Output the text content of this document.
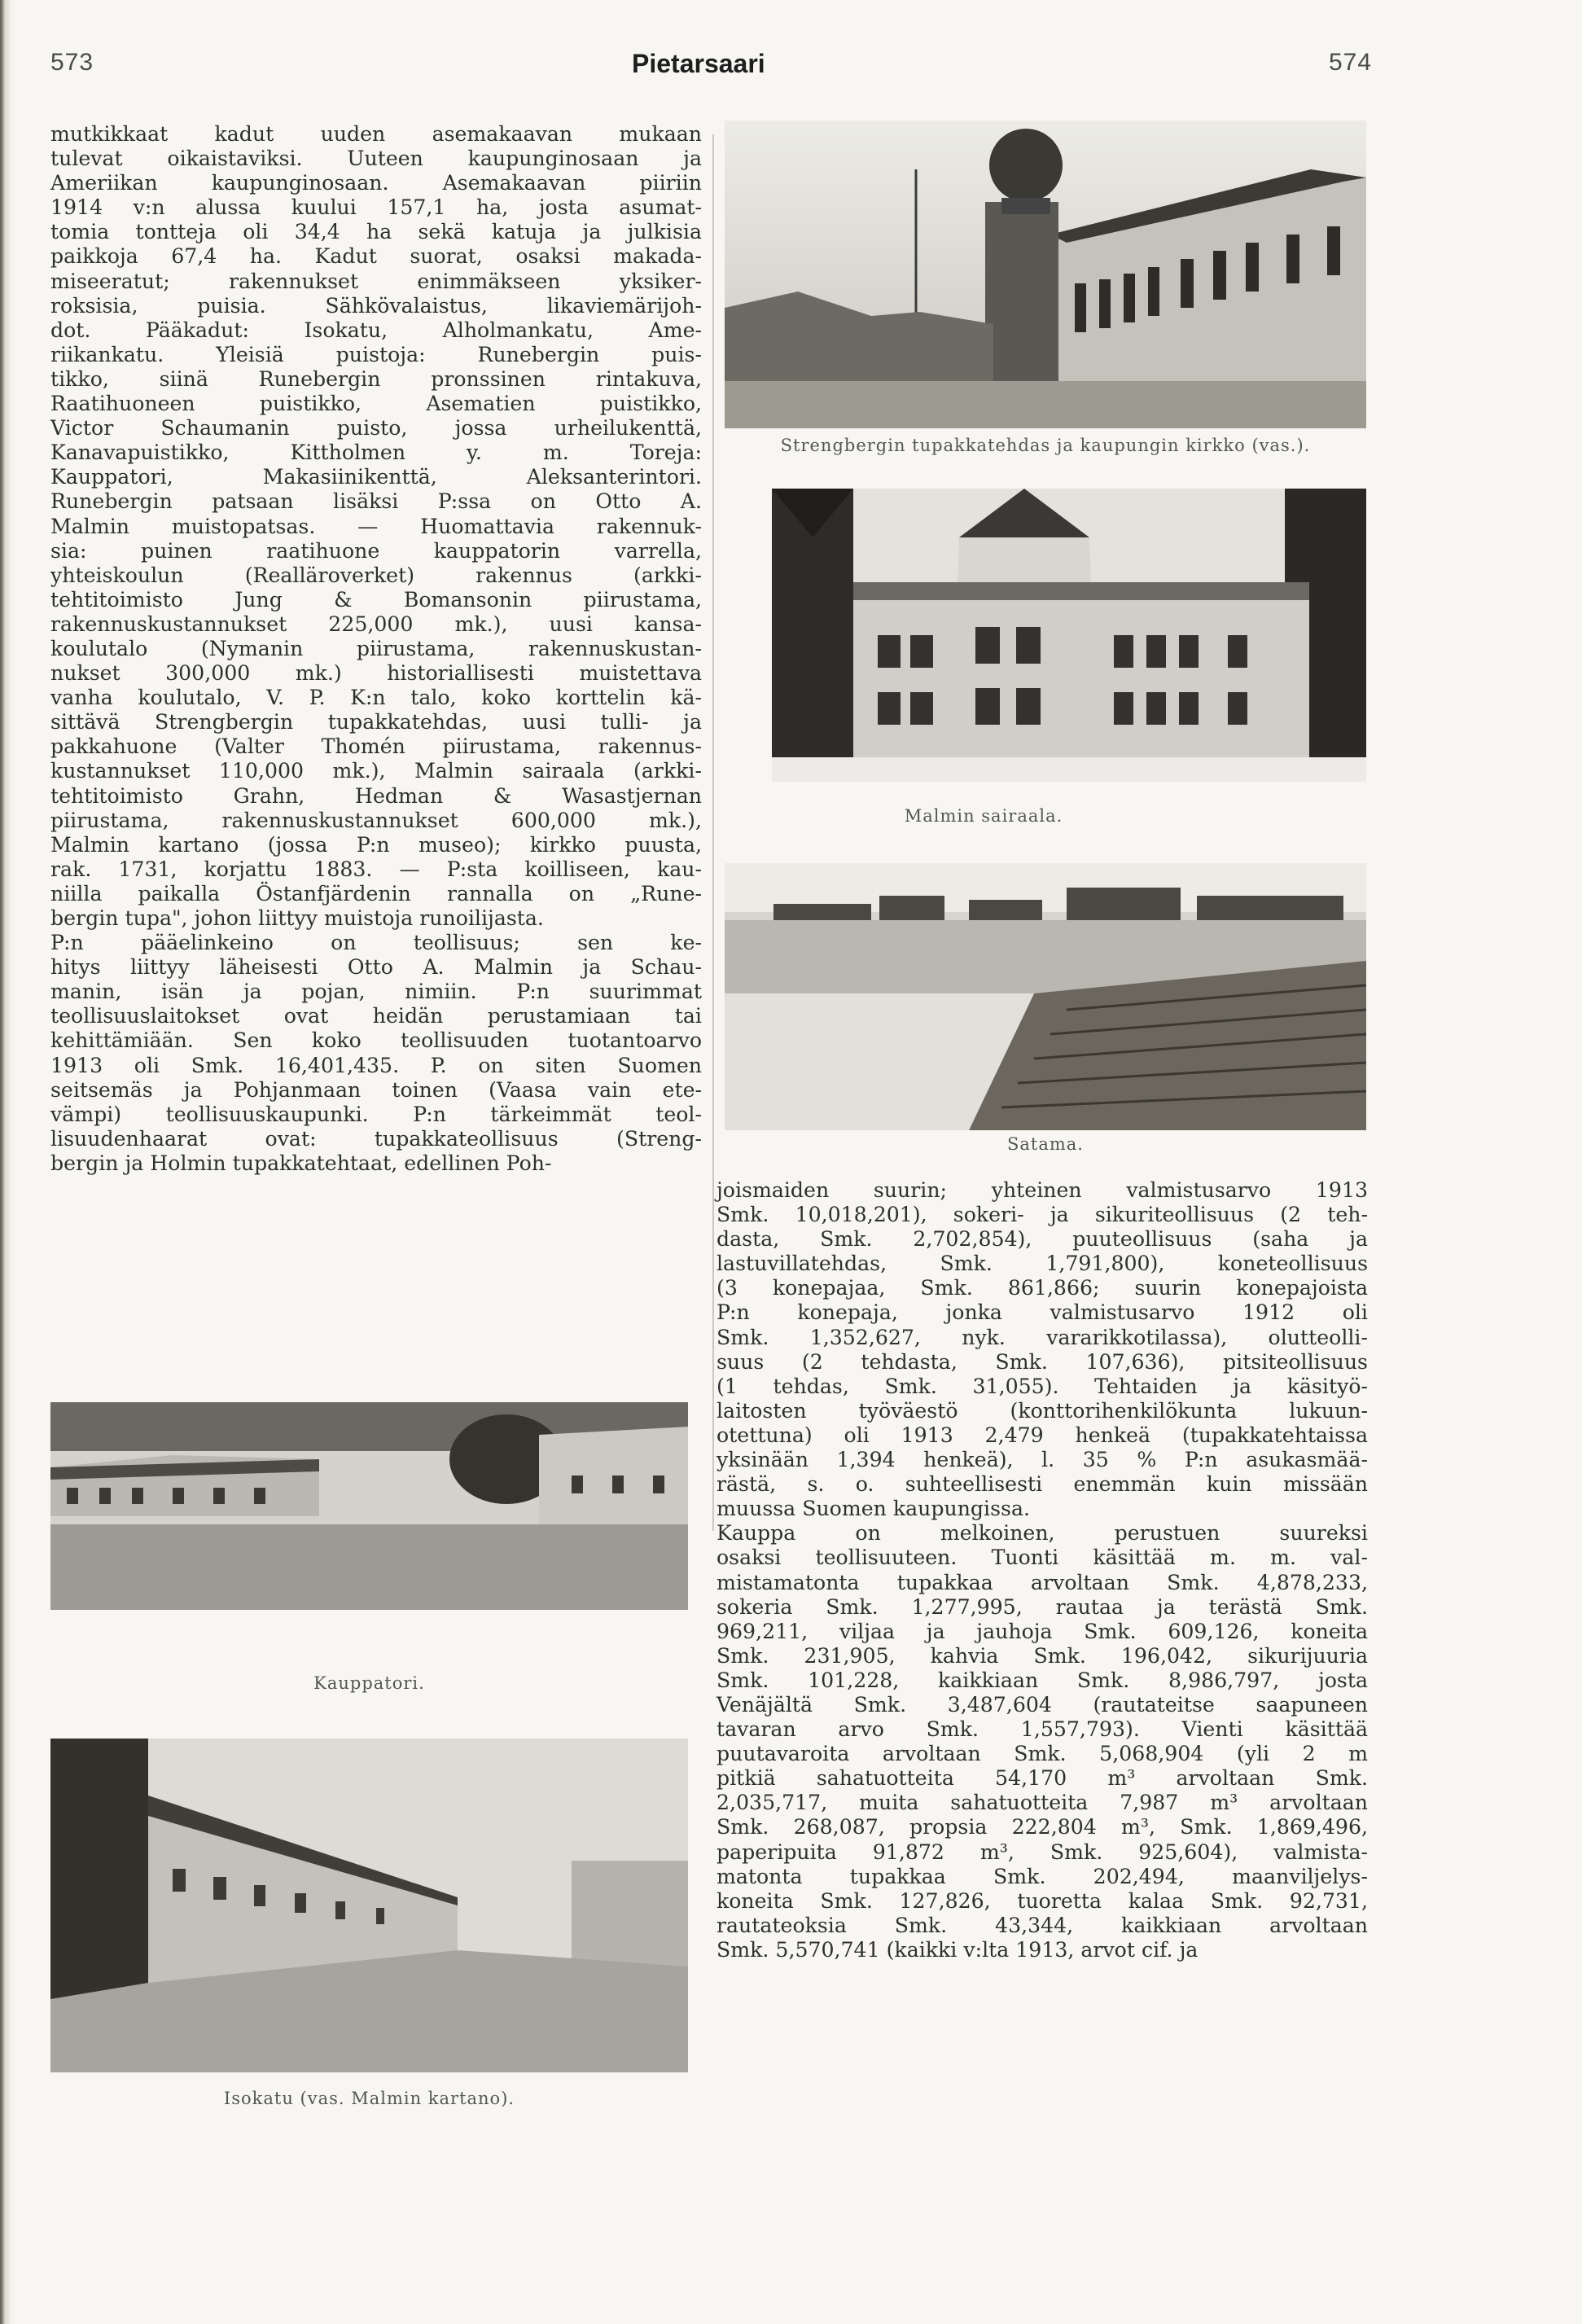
573	Pietarsaari	574
mutkikkaat kadut uuden asemakaavan mukaan
tulevat oikaistaviksi. Uuteen kaupunginosaan ja
Ameriikan kaupunginosaan. Asemakaavan piiriin
1914 v:n alussa kuului 157,1 ha, josta asumat-
tomia tontteja oli 34,4 ha sekä katuja ja julkisia
paikkoja 67,4 ha. Kadut suorat, osaksi makada-
miseeratut; rakennukset enimmäkseen yksiker-
roksisia, puisia. Sähkövalaistus, likaviemärijoh-
dot. Pääkadut: Isokatu, Alholmankatu, Ame-
riikankatu. Yleisiä puistoja: Runebergin puis-
tikko, siinä Runebergin pronssinen rintakuva,
Raatihuoneen puistikko, Asematien puistikko,
Victor Schaumanin puisto, jossa urheilukenttä,
Kanavapuistikko, Kittholmen y. m. Toreja:
Kauppatori, Makasiinikenttä, Aleksanterintori.
Runebergin patsaan lisäksi P:ssa on Otto A.
Malmin muistopatsas. — Huomattavia rakennuk-
sia: puinen raatihuone kauppatorin varrella,
yhteiskoulun (Realläroverket) rakennus (arkki-
tehtitoimisto Jung & Bomansonin piirustama,
rakennuskustannukset 225,000 mk.), uusi kansa-
koulutalo (Nymanin piirustama, rakennuskustan-
nukset 300,000 mk.) historiallisesti muistettava
vanha koulutalo, V. P. K:n talo, koko korttelin kä-
sittävä Strengbergin tupakkatehdas, uusi tulli- ja
pakkahuone (Valter Thomén piirustama, rakennus-
kustannukset 110,000 mk.), Malmin sairaala (arkki-
tehtitoimisto Grahn, Hedman & Wasastjernan
piirustama, rakennuskustannukset 600,000 mk.),
Malmin kartano (jossa P:n museo); kirkko puusta,
rak. 1731, korjattu 1883. — P:sta koilliseen, kau-
niilla paikalla Östanfjärdenin rannalla on „Rune-
bergin tupa", johon liittyy muistoja runoilijasta.
P:n pääelinkeino on teollisuus; sen ke-
hitys liittyy läheisesti Otto A. Malmin ja Schau-
manin, isän ja pojan, nimiin. P:n suurimmat
teollisuuslaitokset ovat heidän perustamiaan tai
kehittämiään. Sen koko teollisuuden tuotantoarvo
1913 oli Smk. 16,401,435. P. on siten Suomen
seitsemäs ja Pohjanmaan toinen (Vaasa vain ete-
vämpi) teollisuuskaupunki. P:n tärkeimmät teol-
lisuudenhaarat ovat: tupakkateollisuus (Streng-
bergin ja Holmin tupakkatehtaat, edellinen Poh-
Strengbergin tupakkatehdas ja kaupungin kirkko (vas.).
Malmin sairaala.
Satama.
joismaiden suurin; yhteinen valmistusarvo 1913
Smk. 10,018,201), sokeri- ja sikuriteollisuus (2 teh-
dasta, Smk. 2,702,854), puuteollisuus (saha ja
lastuvillatehdas, Smk. 1,791,800), koneteollisuus
(3 konepajaa, Smk. 861,866; suurin konepajoista
P:n konepaja, jonka valmistusarvo 1912 oli
Smk. 1,352,627, nyk. vararikkotilassa), olutteolli-
suus (2 tehdasta, Smk. 107,636), pitsiteollisuus
(1 tehdas, Smk. 31,055). Tehtaiden ja käsityö-
laitosten työväestö (konttorihenkilökunta lukuun-
otettuna) oli 1913 2,479 henkeä (tupakkatehtaissa
yksinään 1,394 henkeä), l. 35 % P:n asukasmää-
rästä, s. o. suhteellisesti enemmän kuin missään
muussa Suomen kaupungissa.
Kauppa on melkoinen, perustuen suureksi
osaksi teollisuuteen. Tuonti käsittää m. m. val-
mistamatonta tupakkaa arvoltaan Smk. 4,878,233,
sokeria Smk. 1,277,995, rautaa ja terästä Smk.
969,211, viljaa ja jauhoja Smk. 609,126, koneita
Smk. 231,905, kahvia Smk. 196,042, sikurijuuria
Smk. 101,228, kaikkiaan Smk. 8,986,797, josta
Venäjältä Smk. 3,487,604 (rautateitse saapuneen
tavaran arvo Smk. 1,557,793). Vienti käsittää
puutavaroita arvoltaan Smk. 5,068,904 (yli 2 m
pitkiä sahatuotteita 54,170 m³ arvoltaan Smk.
2,035,717, muita sahatuotteita 7,987 m³ arvoltaan
Smk. 268,087, propsia 222,804 m³, Smk. 1,869,496,
paperipuita 91,872 m³, Smk. 925,604), valmista-
matonta tupakkaa Smk. 202,494, maanviljelys-
koneita Smk. 127,826, tuoretta kalaa Smk. 92,731,
rautateoksia Smk. 43,344, kaikkiaan arvoltaan
Smk. 5,570,741 (kaikki v:lta 1913, arvot cif. ja
Kauppatori.
Isokatu (vas. Malmin kartano).
